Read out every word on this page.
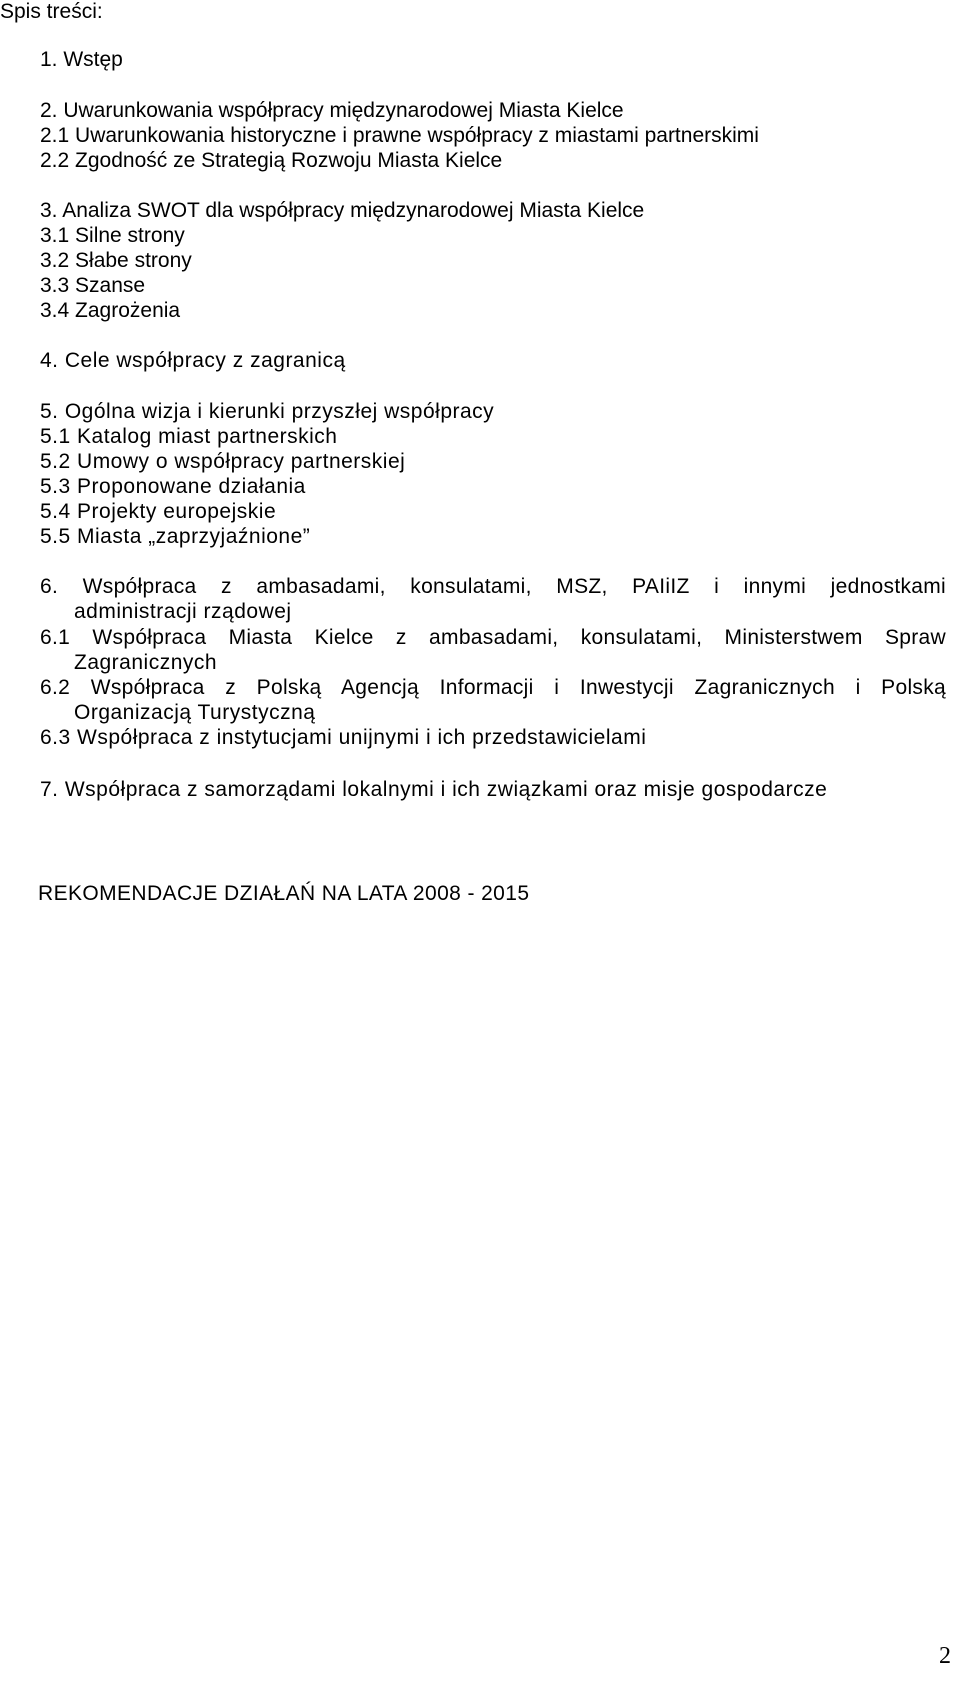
Spis treści:
1. Wstęp
2. Uwarunkowania współpracy międzynarodowej Miasta Kielce
2.1 Uwarunkowania historyczne i prawne współpracy z miastami partnerskimi
2.2 Zgodność ze Strategią Rozwoju Miasta Kielce
3. Analiza SWOT dla współpracy międzynarodowej Miasta Kielce
3.1 Silne strony
3.2 Słabe strony
3.3 Szanse
3.4 Zagrożenia
4. Cele współpracy z zagranicą
5. Ogólna wizja i kierunki przyszłej współpracy
5.1 Katalog miast partnerskich
5.2 Umowy o współpracy partnerskiej
5.3 Proponowane działania
5.4 Projekty europejskie
5.5 Miasta „zaprzyjaźnione”
6. Współpraca z ambasadami, konsulatami, MSZ, PAIiIZ i innymi jednostkami
administracji rządowej
6.1 Współpraca Miasta Kielce z ambasadami, konsulatami, Ministerstwem Spraw
Zagranicznych
6.2 Współpraca z Polską Agencją Informacji i Inwestycji Zagranicznych i Polską
Organizacją Turystyczną
6.3 Współpraca z instytucjami unijnymi i ich przedstawicielami
7. Współpraca z samorządami lokalnymi i ich związkami oraz misje gospodarcze
REKOMENDACJE DZIAŁAŃ NA LATA 2008 - 2015
2
